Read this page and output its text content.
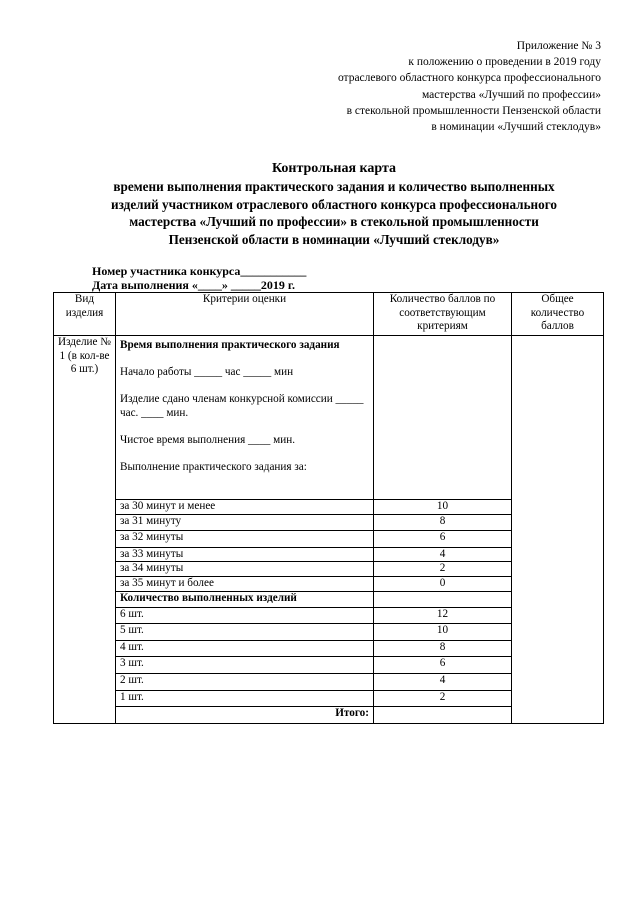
Приложение № 3
к положению о проведении в 2019 году
отраслевого областного конкурса профессионального
мастерства «Лучший по профессии»
в стекольной промышленности Пензенской области
в номинации «Лучший стеклодув»
Контрольная карта
времени выполнения практического задания и количество выполненных
изделий участником отраслевого областного конкурса профессионального
мастерства «Лучший по профессии» в стекольной промышленности
Пензенской области в номинации «Лучший стеклодув»
Номер участника конкурса___________
Дата выполнения «____» _____2019 г.
Вид изделия	Критерии оценки	Количество баллов по соответствующим критериям	Общее количество баллов
Изделие № 1 (в кол-ве 6 шт.)	Время выполнения практического задания

Начало работы _____ час _____ мин

Изделие сдано членам конкурсной комиссии _____ час. ____ мин.

Чистое время выполнения ____ мин.

Выполнение практического задания за:		

	за 30 минут и менее	10	
	за 31 минуту	8	
	за 32 минуты	6	
	за 33 минуты	4	
	за 34 минуты	2	
	за 35 минут и более	0	
	Количество выполненных изделий		
	6 шт.	12	
	5 шт.	10	
	4 шт.	8	
	3 шт.	6	
	2 шт.	4	
	1 шт.	2	
	Итого:		
